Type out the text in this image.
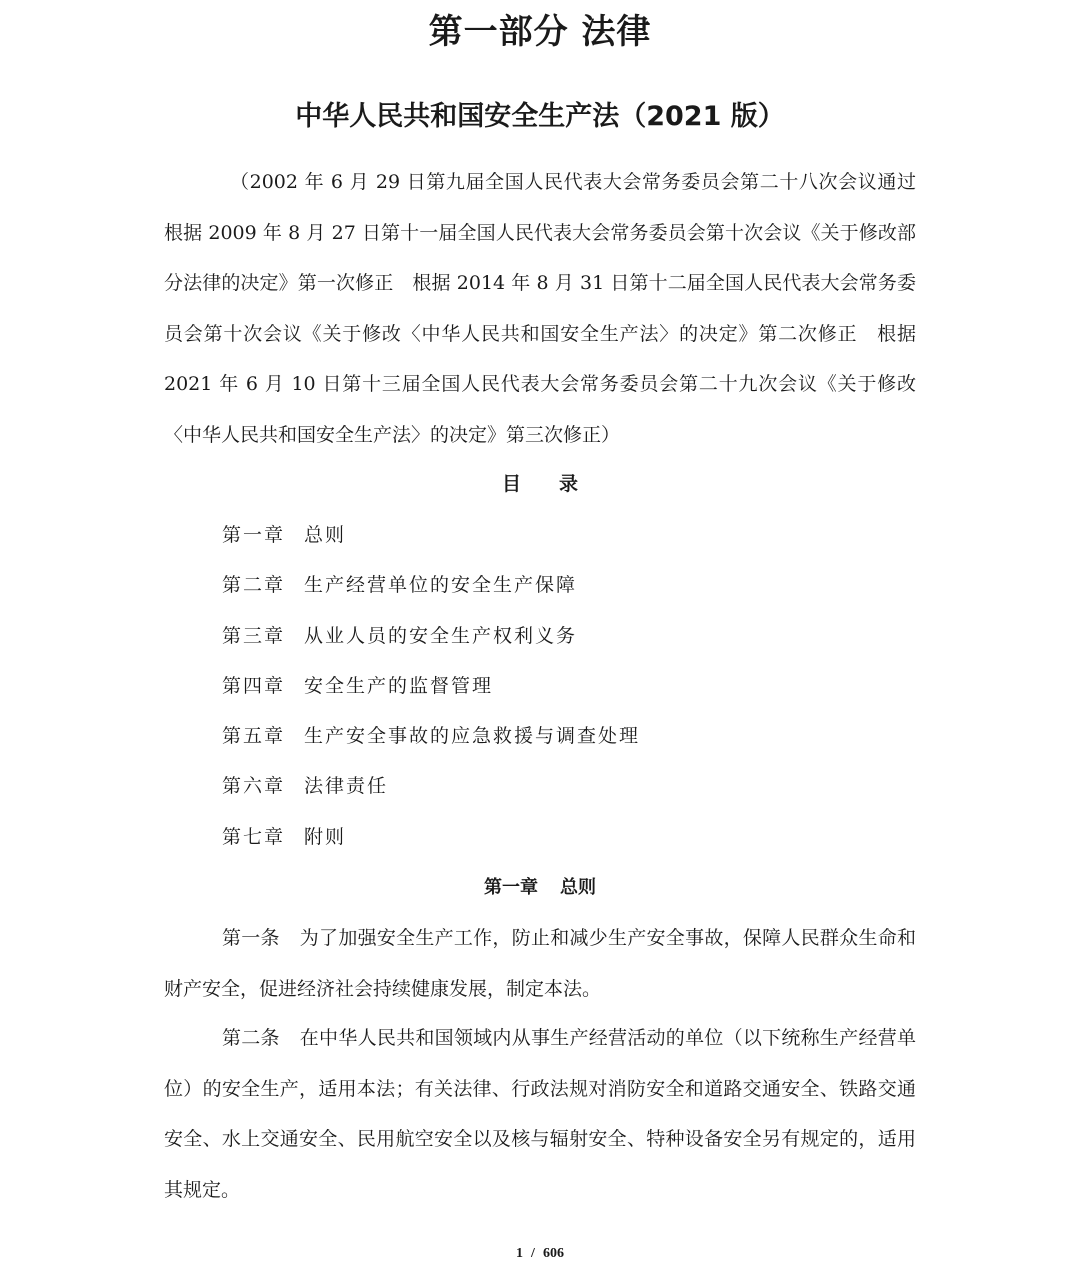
第一部分 法律
中华人民共和国安全生产法（2021 版）
（2002 年 6 月 29 日第九届全国人民代表大会常务委员会第二十八次会议通过　根据 2009 年 8 月 27 日第十一届全国人民代表大会常务委员会第十次会议《关于修改部分法律的决定》第一次修正　根据 2014 年 8 月 31 日第十二届全国人民代表大会常务委员会第十次会议《关于修改〈中华人民共和国安全生产法〉的决定》第二次修正　根据 2021 年 6 月 10 日第十三届全国人民代表大会常务委员会第二十九次会议《关于修改〈中华人民共和国安全生产法〉的决定》第三次修正）
目 录
第一章 总则
第二章 生产经营单位的安全生产保障
第三章 从业人员的安全生产权利义务
第四章 安全生产的监督管理
第五章 生产安全事故的应急救援与调查处理
第六章 法律责任
第七章 附则
第一章 总则
第一条 为了加强安全生产工作，防止和减少生产安全事故，保障人民群众生命和财产安全，促进经济社会持续健康发展，制定本法。
第二条 在中华人民共和国领域内从事生产经营活动的单位（以下统称生产经营单位）的安全生产，适用本法；有关法律、行政法规对消防安全和道路交通安全、铁路交通安全、水上交通安全、民用航空安全以及核与辐射安全、特种设备安全另有规定的，适用其规定。
1 / 606
